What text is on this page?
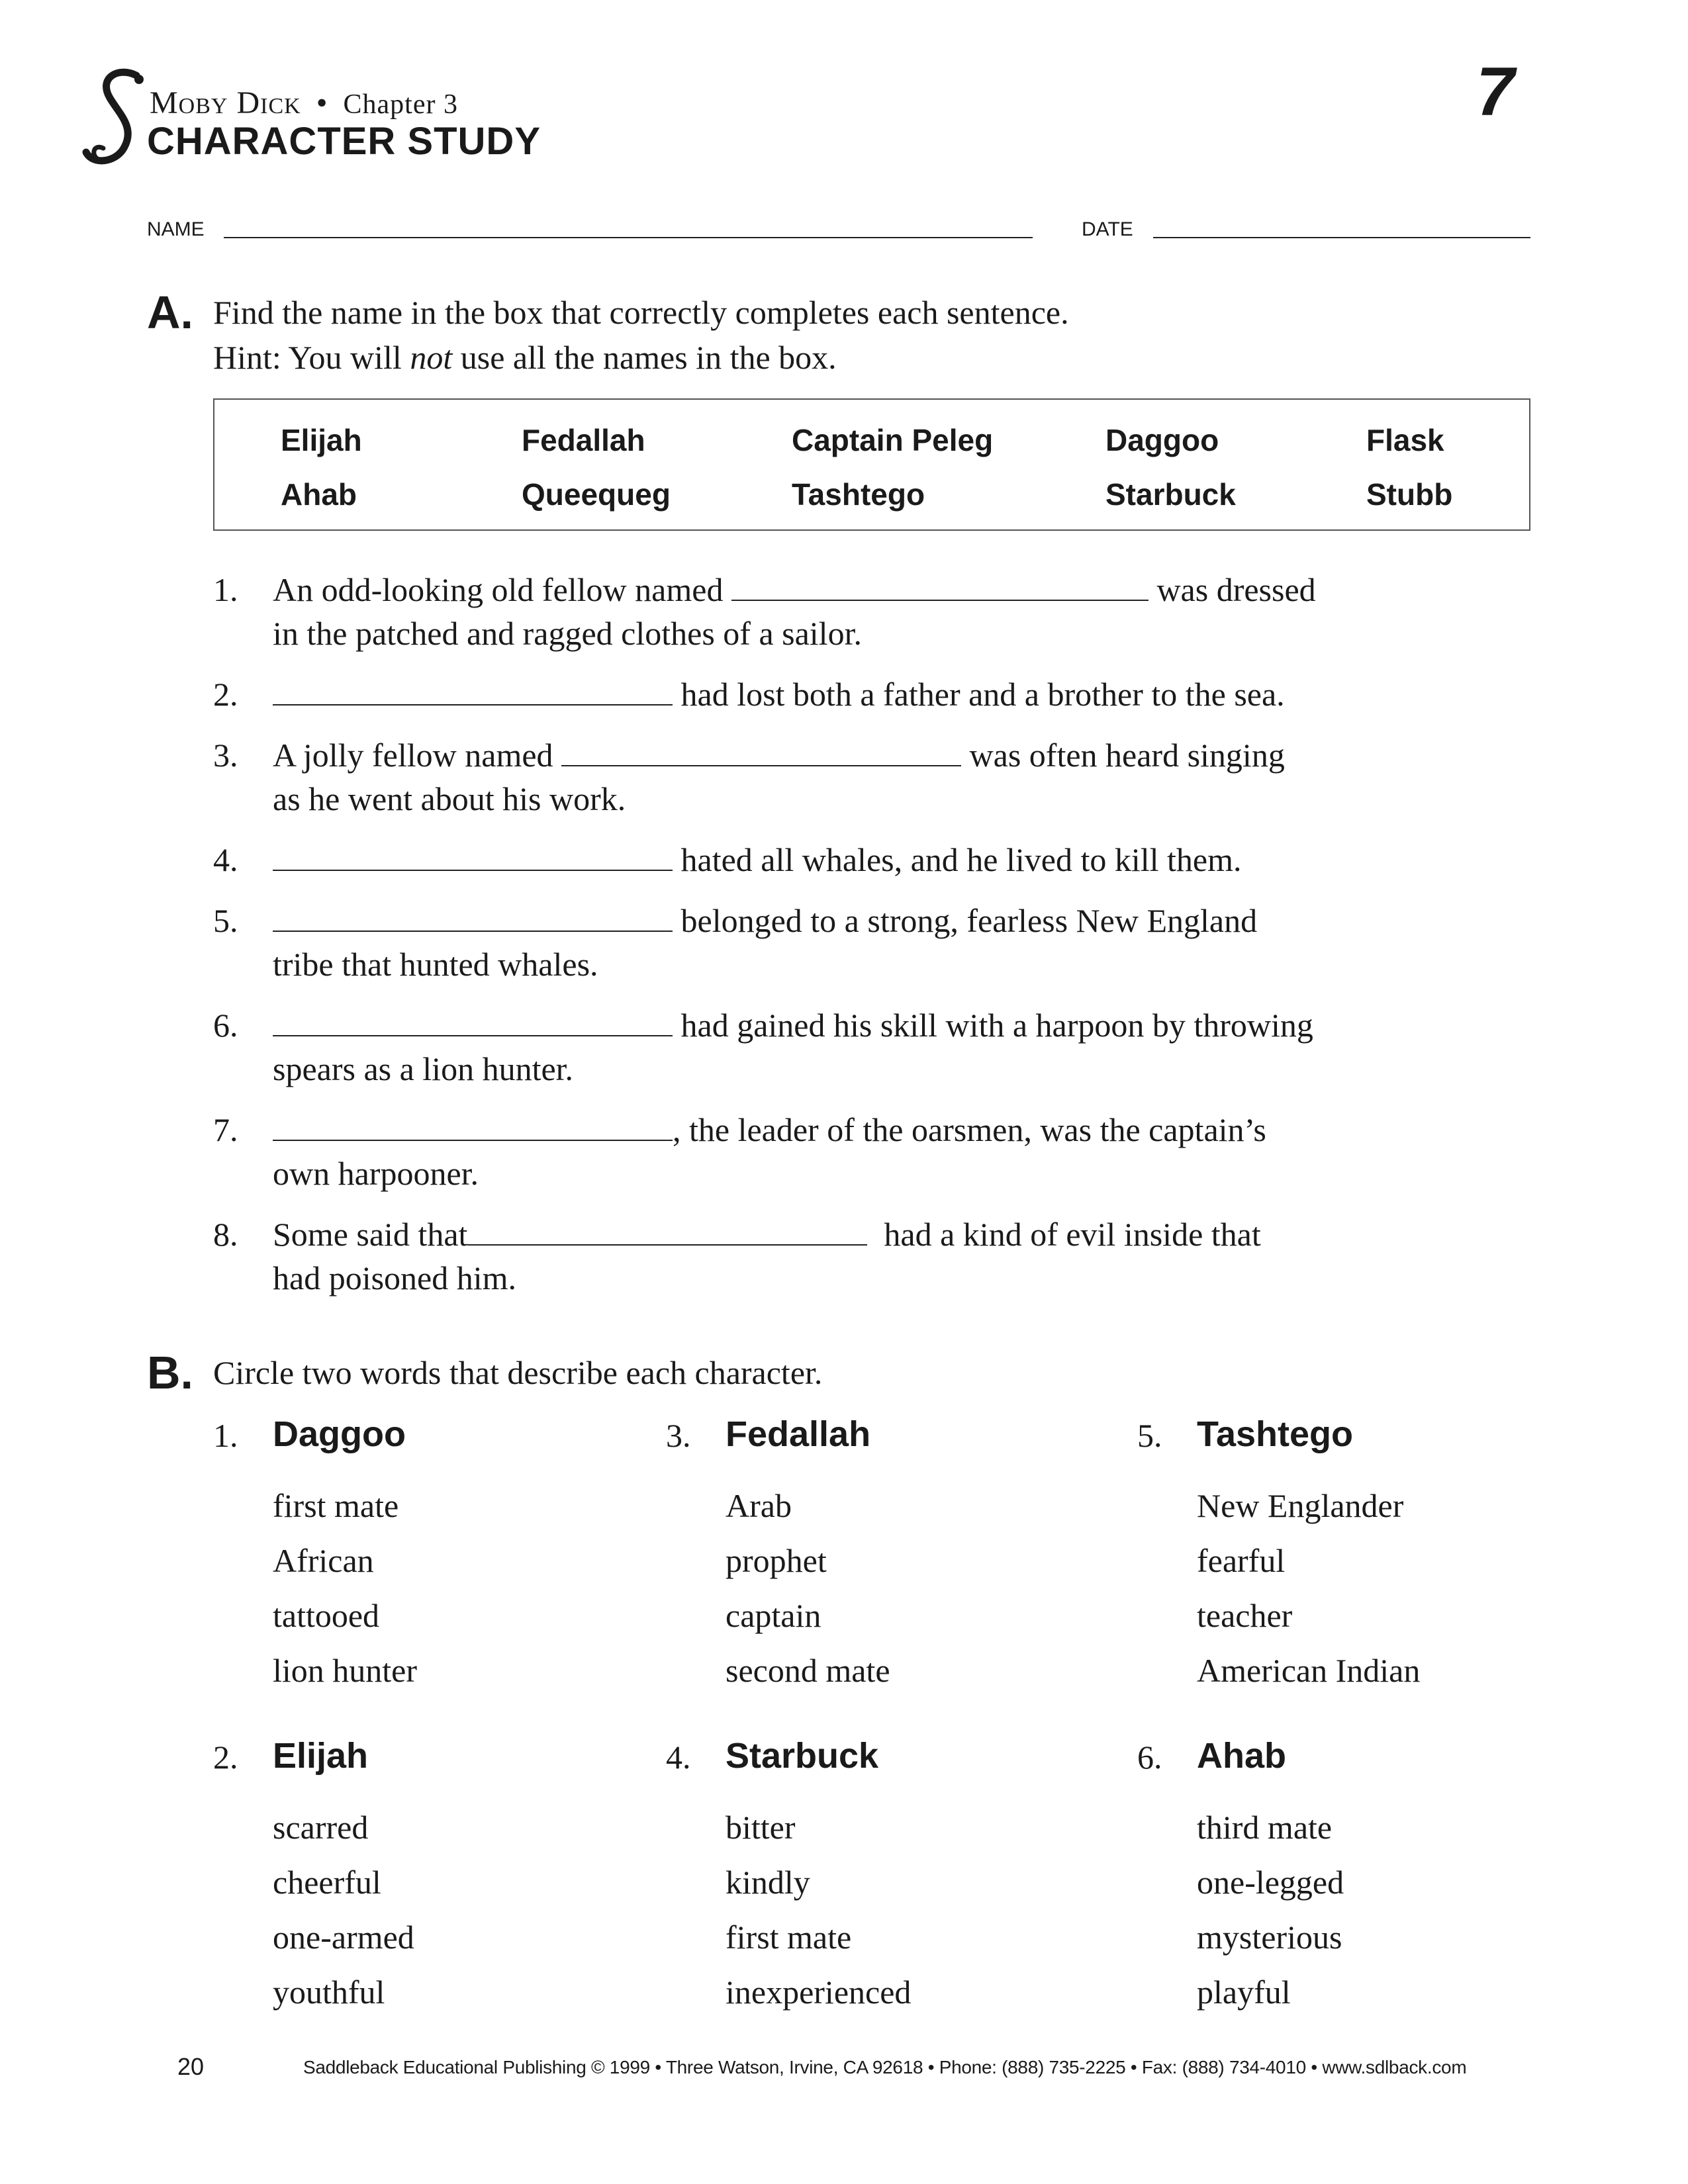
Moby Dick • Chapter 3
CHARACTER STUDY
7
NAME	DATE
A. Find the name in the box that correctly completes each sentence.
Hint: You will not use all the names in the box.
Elijah	Fedallah	Captain Peleg	Daggoo	Flask
Ahab	Queequeg	Tashtego	Starbuck	Stubb
1. An odd-looking old fellow named	was dressed
in the patched and ragged clothes of a sailor.
2.	had lost both a father and a brother to the sea.
3. A jolly fellow named	was often heard singing
as he went about his work.
4.	hated all whales, and he lived to kill them.
5.	belonged to a strong, fearless New England
tribe that hunted whales.
6.	had gained his skill with a harpoon by throwing
spears as a lion hunter.
7.	, the leader of the oarsmen, was the captain’s
own harpooner.
8. Some said that	had a kind of evil inside that
had poisoned him.
B. Circle two words that describe each character.
1. Daggoo
first mate
African
tattooed
lion hunter
2. Elijah
scarred
cheerful
one-armed
youthful
3. Fedallah
Arab
prophet
captain
second mate
4. Starbuck
bitter
kindly
first mate
inexperienced
5. Tashtego
New Englander
fearful
teacher
American Indian
6. Ahab
third mate
one-legged
mysterious
playful
20	Saddleback Educational Publishing © 1999 • Three Watson, Irvine, CA 92618 • Phone: (888) 735-2225 • Fax: (888) 734-4010 • www.sdlback.com
